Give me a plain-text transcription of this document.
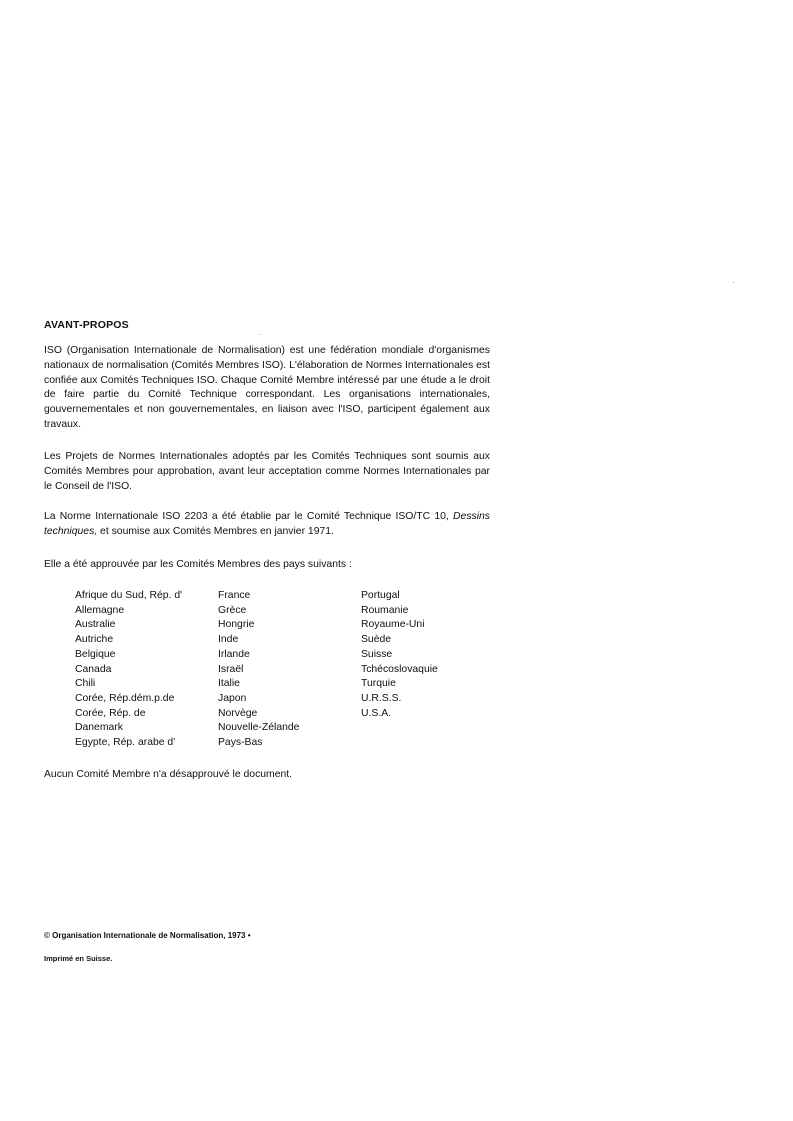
AVANT-PROPOS

ISO (Organisation Internationale de Normalisation) est une fédération mondiale d'organismes nationaux de normalisation (Comités Membres ISO). L'élaboration de Normes Internationales est confiée aux Comités Techniques ISO. Chaque Comité Membre intéressé par une étude a le droit de faire partie du Comité Technique correspondant. Les organisations internationales, gouvernementales et non gouvernementales, en liaison avec l'ISO, participent également aux travaux.

Les Projets de Normes Internationales adoptés par les Comités Techniques sont soumis aux Comités Membres pour approbation, avant leur acceptation comme Normes Internationales par le Conseil de l'ISO.

La Norme Internationale ISO 2203 a été établie par le Comité Technique ISO/TC 10, Dessins techniques, et soumise aux Comités Membres en janvier 1971.

Elle a été approuvée par les Comités Membres des pays suivants :

Afrique du Sud, Rép. d'
Allemagne
Australie
Autriche
Belgique
Canada
Chili
Corée, Rép.dém.p.de
Corée, Rép. de
Danemark
Egypte, Rép. arabe d'
France
Grèce
Hongrie
Inde
Irlande
Israël
Italie
Japon
Norvège
Nouvelle-Zélande
Pays-Bas
Portugal
Roumanie
Royaume-Uni
Suède
Suisse
Tchécoslovaquie
Turquie
U.R.S.S.
U.S.A.
Aucun Comité Membre n'a désapprouvé le document.
© Organisation Internationale de Normalisation, 1973 •
Imprimé en Suisse.
